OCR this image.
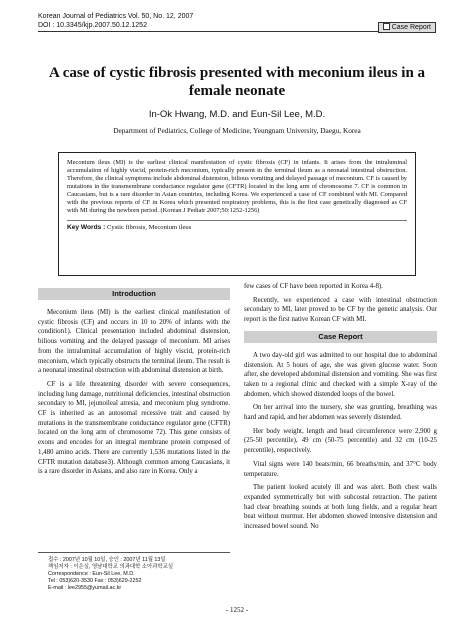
Korean Journal of Pediatrics Vol. 50, No. 12, 2007
DOI : 10.3345/kjp.2007.50.12.1252	Case Report
A case of cystic fibrosis presented with meconium ileus in a female neonate
In-Ok Hwang, M.D. and Eun-Sil Lee, M.D.
Department of Pediatrics, College of Medicine, Yeungnam University, Daegu, Korea

Meconium ileus (MI) is the earliest clinical manifestation of cystic fibrosis (CF) in infants. It arises from the intraluminal accumulation of highly viscid, protein-rich meconium, typically present in the terminal ileum as a neonatal intestinal obstruction. Therefore, the clinical symptoms include abdominal distension, bilious vomiting and delayed passage of meconium. CF is caused by mutations in the transmembrane conductance regulator gene (CFTR) located in the long arm of chromosome 7. CF is common in Caucasians, but is a rare disorder in Asian countries, including Korea. We experienced a case of CF combined with MI. Compared with the previous reports of CF in Korea which presented respiratory problems, this is the first case genetically diagnosed as CF with MI during the newborn period. (Korean J Pediatr 2007;50:1252-1256)

Key Words : Cystic fibrosis, Meconium ileus
Introduction

Meconium ileus (MI) is the earliest clinical manifestation of cystic fibrosis (CF) and occurs in 10 to 20% of infants with the condition1). Clinical presentation included abdominal distension, bilious vomiting and the delayed passage of meconium. MI arises from the intraluminal accumulation of highly viscid, protein-rich meconium, which typically obstructs the terminal ileum. The result is a neonatal intestinal obstruction with abdominal distension at birth.

CF is a life threatening disorder with severe consequences, including lung damage, nutritional deficiencies, intestinal obstruction secondary to MI, jejunoileal atresia, and meconium plug syndrome. CF is inherited as an autosomal recessive trait and caused by mutations in the transmembrane conductance regulator gene (CFTR) located on the long arm of chromosome 72). This gene consists of exons and encodes for an integral membrane protein composed of 1,480 amino acids. There are currently 1,536 mutations listed in the CFTR mutation database3). Although common among Caucasians, it is a rare disorder in Asians, and also rare in Korea. Only a

few cases of CF have been reported in Korea 4-8).

Recently, we experienced a case with intestinal obstruction secondary to MI, later proved to be CF by the genetic analysis. Our report is the first native Korean CF with MI.

Case Report

A two day-old girl was admitted to our hospital due to abdominal distension. At 5 hours of age, she was given glucose water. Soon after, she developed abdominal distension and vomiting. She was first taken to a regional clinic and checked with a simple X-ray of the abdomen, which showed distended loops of the bowel.

On her arrival into the nursery, she was grunting, breathing was hard and rapid, and her abdomen was severely distended.

Her body weight, length and head circumference were 2,900 g (25-50 percentile), 49 cm (50-75 percentile) and 32 cm (10-25 percentile), respectively.

Vital signs were 140 beats/min, 66 breaths/min, and 37°C body temperature.

The patient looked acutely ill and was alert. Both chest walls expanded symmetrically but with subcostal retraction. The patient had clear breathing sounds at both lung fields, and a regular heart beat without murmur. Her abdomen showed intensive distension and increased bowel sound. No

접수 : 2007년 10월 10일, 승인 : 2007년 11월 13일
책임저자 : 이은실, 영남대학교 의과대학 소아과학교실
Correspondence : Eun-Sil Lee, M.D.
Tel : 053)620-3530 Fax : 053)629-2252
E-mail : lee2955@yumail.ac.kr
- 1252 -
